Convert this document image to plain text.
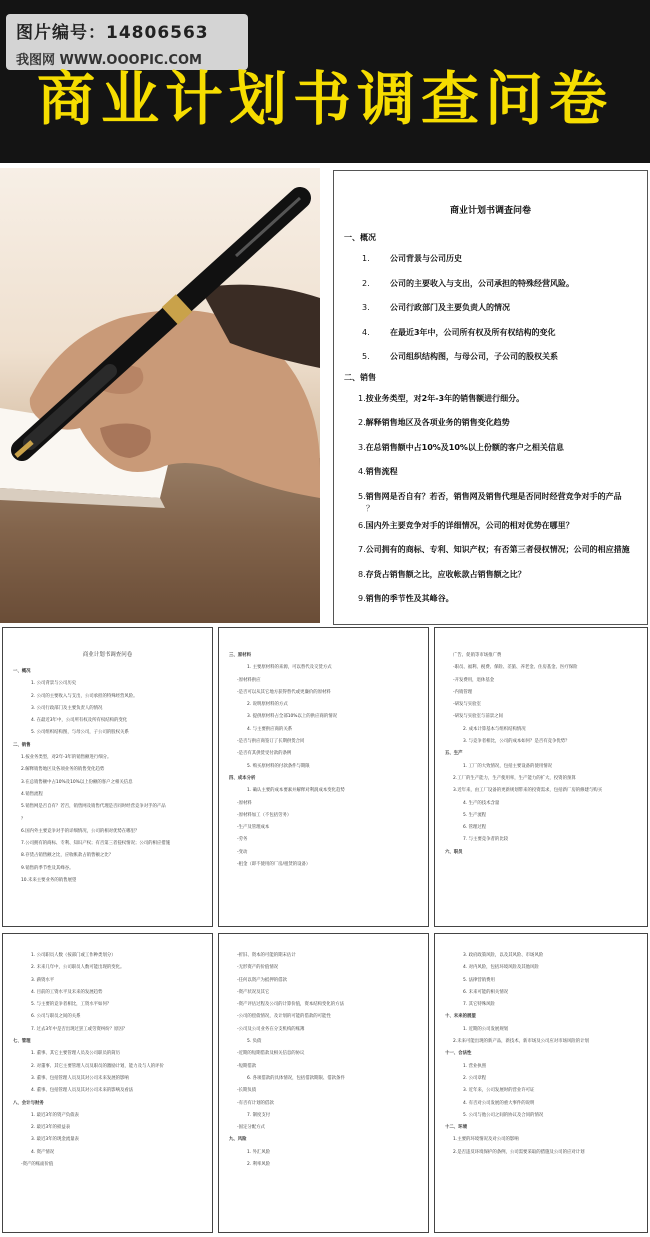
图片编号：14806563
我图网 WWW.OOOPIC.COM
商业计划书调查问卷
商业计划书调查问卷
一、概况
1.	公司背景与公司历史
2.	公司的主要收入与支出，公司承担的特殊经营风险。
3.	公司行政部门及主要负责人的情况
4.	在最近3年中，公司所有权及所有权结构的变化
5.	公司组织结构图，与母公司，子公司的股权关系
二、销售
1.按业务类型，对2年-3年的销售额进行细分。
2.解释销售地区及各项业务的销售变化趋势
3.在总销售额中占10%及10%以上份额的客户之相关信息
4.销售流程
5.销售网是否自有？若否，销售网及销售代理是否同时经营竞争对手的产品
？
6.国内外主要竞争对手的详细情况，公司的相对优势在哪里？
7.公司拥有的商标、专利、知识产权；有否第三者侵权情况；公司的相应措施
8.存货占销售额之比，应收帐款占销售额之比？
9.销售的季节性及其峰谷。
商业计划书调查问卷
一、概况
1. 公司背景与公司历史
2. 公司的主要收入与支出，公司承担的特殊经营风险。
3. 公司行政部门及主要负责人的情况
4. 在最近3年中，公司所有权及所有权结构的变化
5. 公司组织结构图，与母公司，子公司的股权关系
二、销售
1.按业务类型，对2年-3年的销售额进行细分。
2.解释销售地区及各项业务的销售变化趋势
3.在总销售额中占10%及10%以上份额的客户之相关信息
4.销售流程
5.销售网是否自有？若否，销售网及销售代理是否同时经营竞争对手的产品
？
6.国内外主要竞争对手的详细情况，公司的相对优势在哪里？
7.公司拥有的商标、专利、知识产权；有否第三者侵权情况；公司的相应措施
8.存货占销售额之比，应收帐款占销售额之比？
9.销售的季节性及其峰谷。
10.未来主要业务的销售展望
三、原材料
1. 主要原材料的来源，可以替代及交货方式
-原材料供应
-是否可以从其它地方获得替代或更廉价的原材料
2. 说明原材料的方式
3. 提供原材料占全部10%以上的供应商的情况
4. 与主要供应商的关系
-是否与供应商签订了长期供货合同
-是否有其供货受付款的条例
5. 购买原材料的付款条件与期限
四、成本分析
1. 确认主要的成本要素并解释对利润成本变化趋势
-原材料
-原材料加工（不包括劳务）
-生产及管理成本
-劳务
-变动
-租金（即不使用的厂房/租赁的设备）
广告、促销等市场推广费
-职员、福利、税费、保险、差旅、养老金、住房基金、医疗保险
-开发费用，退休基金
-内销管理
-研发与实验室
-研发与实验室与前景之间
2. 成本计算基本与组织结构情况
3. 与竞争者相比，公司的成本如何？是否有竞争优势？
五、生产
1. 工厂的大致情况，包括主要设备的使用情况
2.工厂的生产能力，生产使用率，生产能力的扩大，投资的预算
3.近年来，由工厂设备的更新规划带来的投资需求，包括新厂房的修建与购买
4. 生产的技术含量
5. 生产流程
6. 管理过程
7. 与主要竞争者的比较
六、职员
1. 公司职员人数（按部门或工作种类划分）
2. 未来几年中，公司职员人数可能出现的变化。
3. 薪资水平
4. 目前的工资水平及未来的发展趋势
5. 与主要的竞争者相比，工资水平如何？
6. 公司与职员之间的关系
7. 过去3年中是否出现过罢工或劳资纠纷？原因？
七、管理
1. 董事、其它主要管理人员及公司职员的简历
2. 对董事、其它主要管理人员及职员的激励计划，能力及与人的评价
3. 董事、包括管理人员及其对公司未来发展的影响
4. 董事、包括管理人员及其对公司未来的影响及看法
八、会计与财务
1. 最近3年的资产负债表
2. 最近3年的损益表
3. 最近3年的现金流量表
4. 资产情况
-资产的账面价值
-折旧、资本的可能的期末估计
-无形资产的价值情况
-任何以资产为抵押的借款
-资产状况及其它
-资产评估过程及公司的计算价值，资本结构变化的方法
-公司的偿债情况，及计划的可能的借款的可能性
-公司及公司业务在分支机构的账簿
5. 负债
-近期的短期借款及相关信息的协议
-短期借款
6. 各项借款的具体情况，包括借款期限、借款条件
-长期负债
-有否有计划的借款
7. 制度支付
-固定分配方式
九、风险
1. 外汇风险
2. 利率风险
3. 政府政策风险，以及其风险、市场风险
4. 对内风险，包括环境风险及其他风险
5. 法律营销费用
6. 未来可能的相关情况
7. 其它特殊风险
十、未来的展望
1. 近期的公司发展规划
2.未来可能出现的新产品，新技术，新市场及公司应对市场风险的计划
十一、合法性
1. 营业执照
2. 公司章程
3. 近年来，公司发展时的营业许可证
4. 有否对公司发展的重大事件的说明
5. 公司与他公司之间的协议及合同的情况
十二、环境
1.主要的环境情况及对公司的影响
2.是否违反环境保护的条例，公司需要采取的措施及公司的应对计划
